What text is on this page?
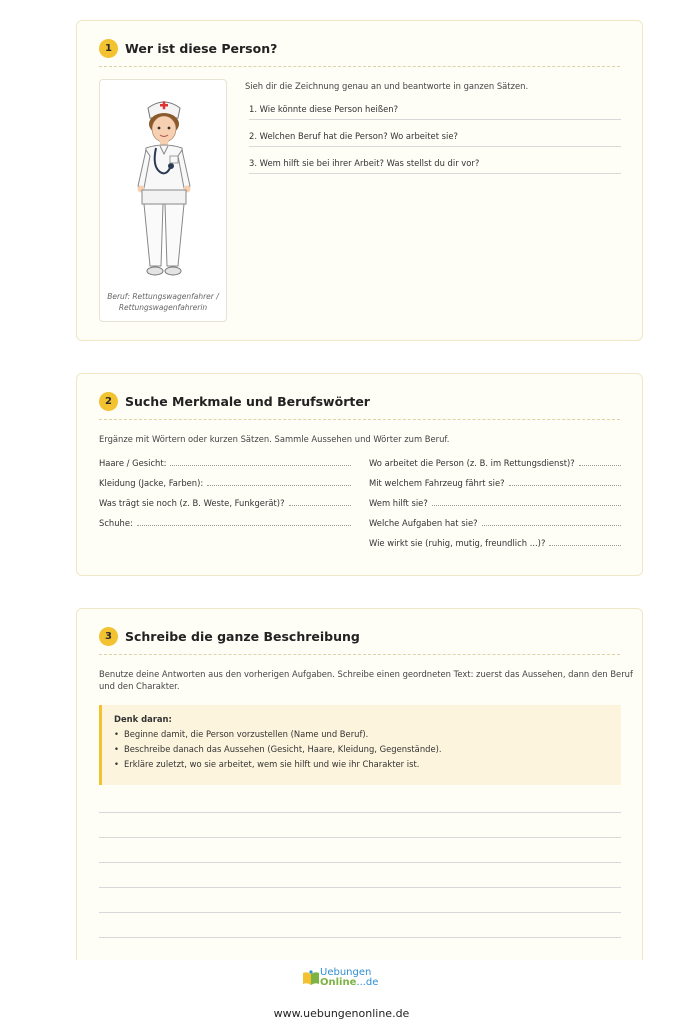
1	Wer ist diese Person?
Beruf: Rettungswagenfahrer / Rettungswagenfahrerin
Sieh dir die Zeichnung genau an und beantworte in ganzen Sätzen.
1. Wie könnte diese Person heißen?
2. Welchen Beruf hat die Person? Wo arbeitet sie?
3. Wem hilft sie bei ihrer Arbeit? Was stellst du dir vor?
2	Suche Merkmale und Berufswörter
Ergänze mit Wörtern oder kurzen Sätzen. Sammle Aussehen und Wörter zum Beruf.
Haare / Gesicht:
Kleidung (Jacke, Farben):
Was trägt sie noch (z. B. Weste, Funkgerät)?
Schuhe:
Wo arbeitet die Person (z. B. im Rettungsdienst)?
Mit welchem Fahrzeug fährt sie?
Wem hilft sie?
Welche Aufgaben hat sie?
Wie wirkt sie (ruhig, mutig, freundlich ...)?
3	Schreibe die ganze Beschreibung
Benutze deine Antworten aus den vorherigen Aufgaben. Schreibe einen geordneten Text: zuerst das Aussehen, dann den Beruf
und den Charakter.
Denk daran:
• Beginne damit, die Person vorzustellen (Name und Beruf).
• Beschreibe danach das Aussehen (Gesicht, Haare, Kleidung, Gegenstände).
• Erkläre zuletzt, wo sie arbeitet, wem sie hilft und wie ihr Charakter ist.
Uebungen
Online...de
www.uebungenonline.de
